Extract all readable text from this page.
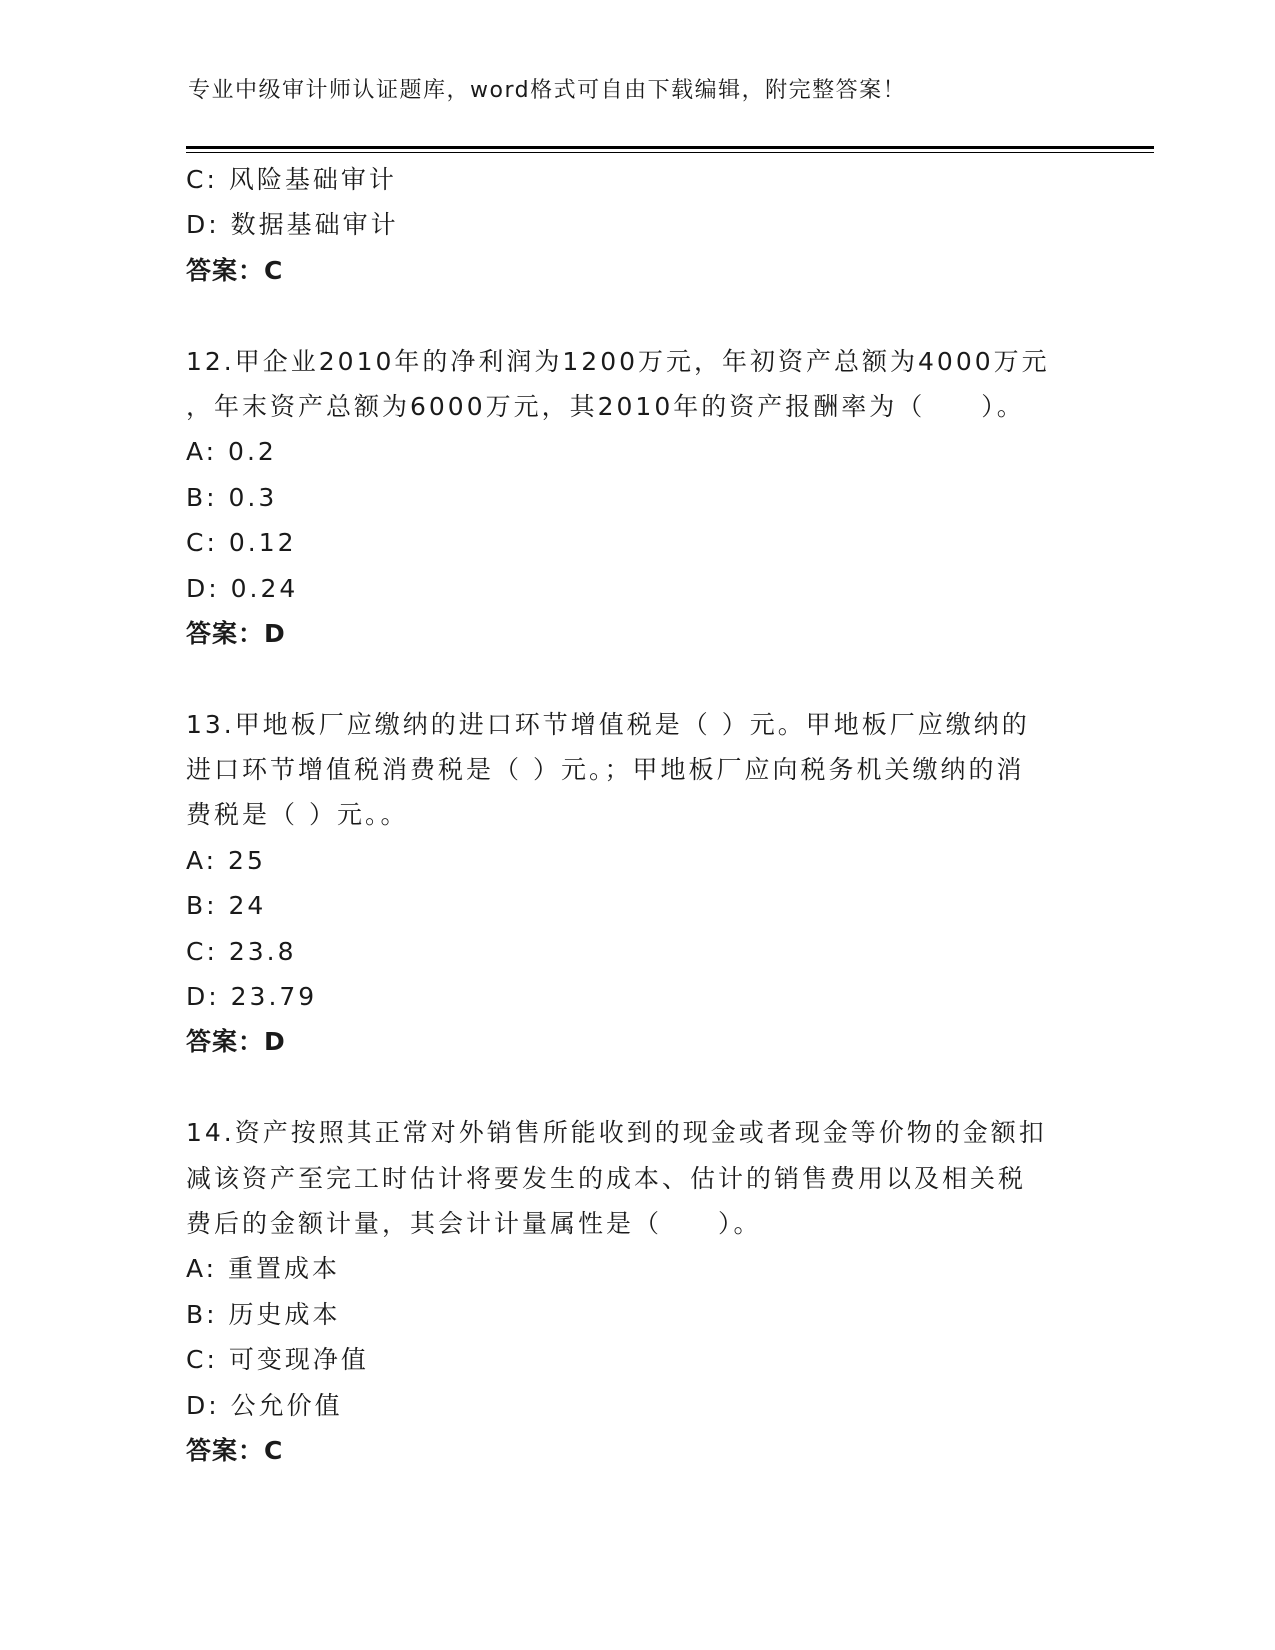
专业中级审计师认证题库，word格式可自由下载编辑，附完整答案！
C: 风险基础审计
D: 数据基础审计
答案：C
12.甲企业2010年的净利润为1200万元，年初资产总额为4000万元
，年末资产总额为6000万元，其2010年的资产报酬率为（　　）。
A: 0.2
B: 0.3
C: 0.12
D: 0.24
答案：D
13.甲地板厂应缴纳的进口环节增值税是（ ）元。甲地板厂应缴纳的
进口环节增值税消费税是（ ）元。；甲地板厂应向税务机关缴纳的消
费税是（ ）元。。
A: 25
B: 24
C: 23.8
D: 23.79
答案：D
14.资产按照其正常对外销售所能收到的现金或者现金等价物的金额扣
减该资产至完工时估计将要发生的成本、估计的销售费用以及相关税
费后的金额计量，其会计计量属性是（　　）。
A: 重置成本
B: 历史成本
C: 可变现净值
D: 公允价值
答案：C
